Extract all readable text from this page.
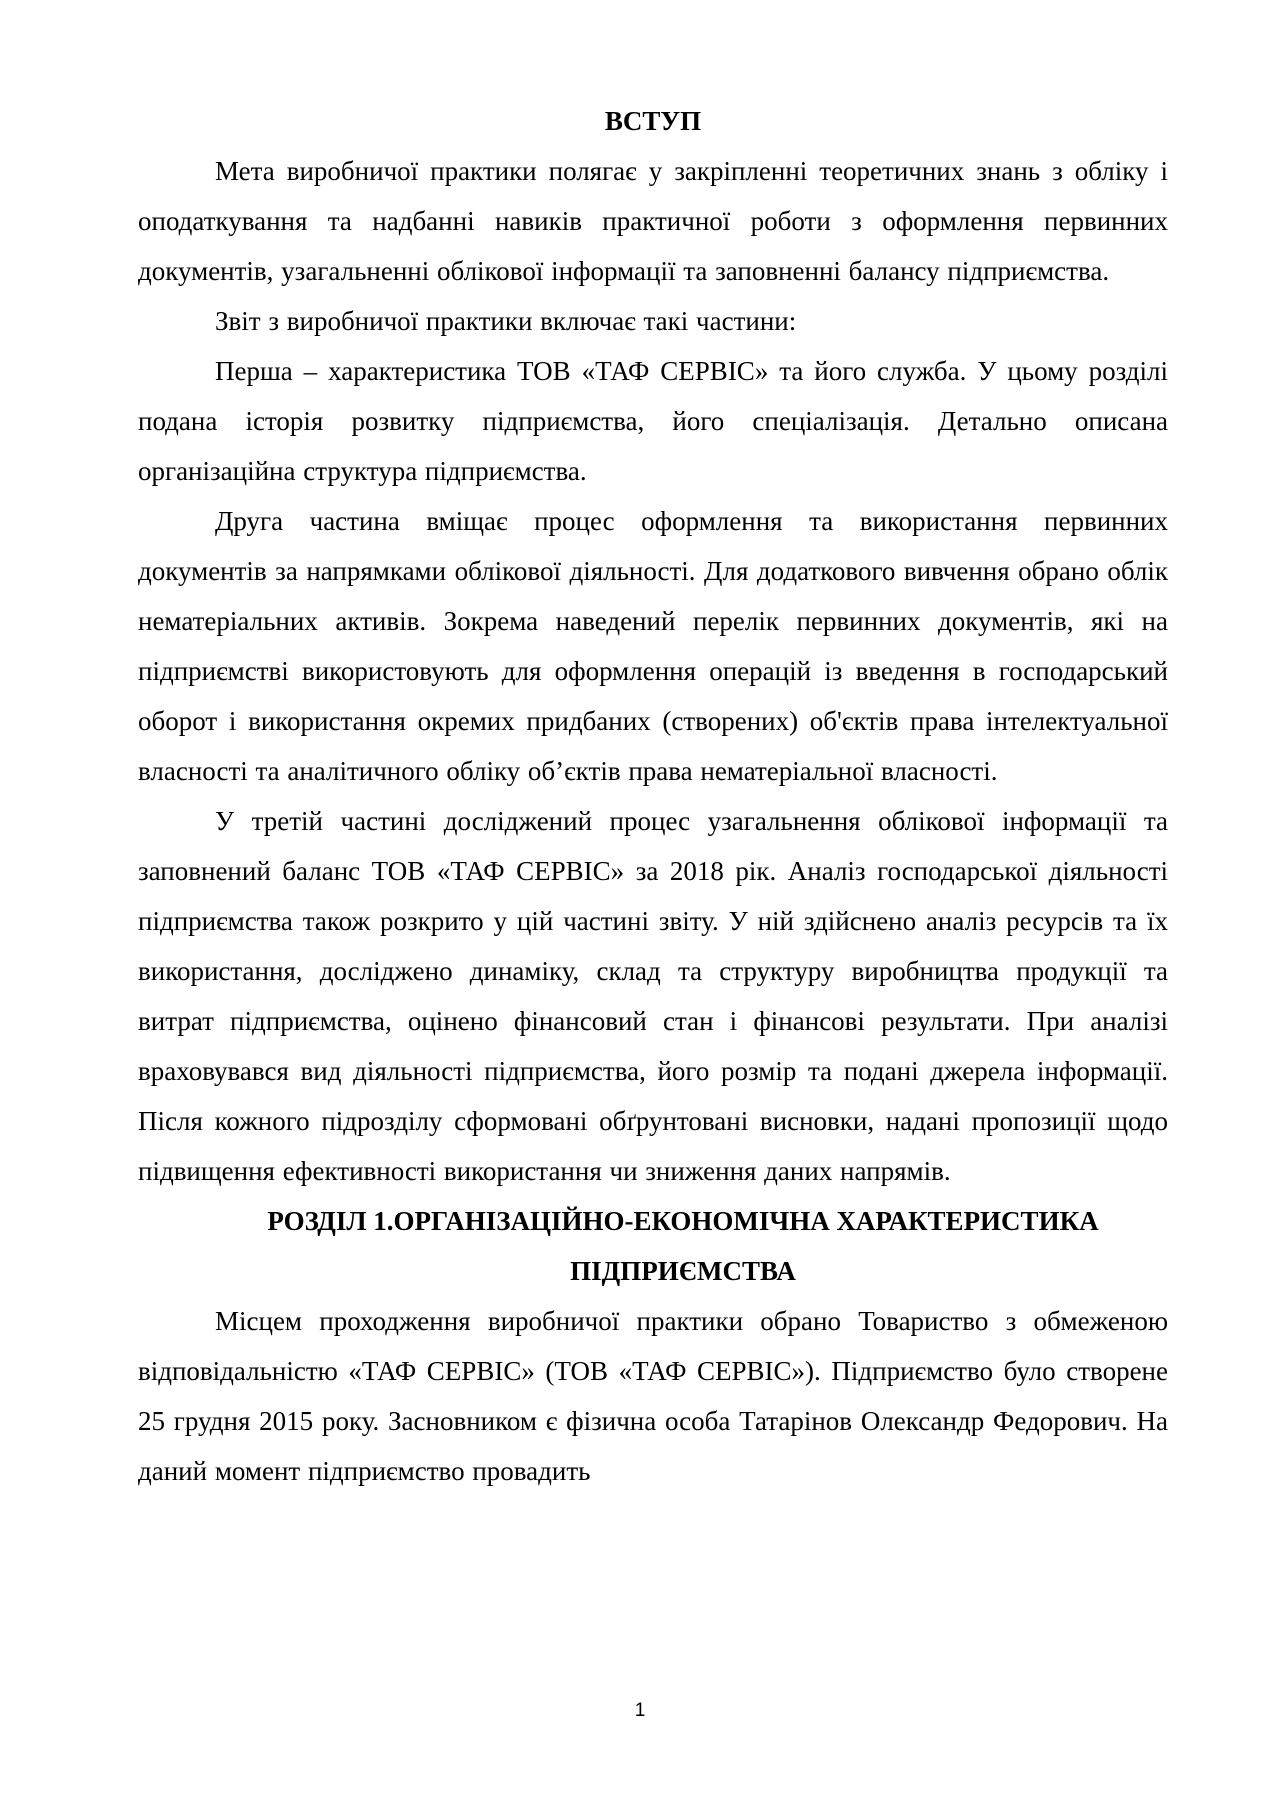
ВСТУП

Мета виробничої практики полягає у закріпленні теоретичних знань з обліку і оподаткування та надбанні навиків практичної роботи з оформлення первинних документів, узагальненні облікової інформації та заповненні балансу підприємства.

Звіт з виробничої практики включає такі частини:

Перша – характеристика ТОВ «ТАФ СЕРВІС» та його служба. У цьому розділі подана історія розвитку підприємства, його спеціалізація. Детально описана організаційна структура підприємства.

Друга частина вміщає процес оформлення та використання первинних документів за напрямками облікової діяльності. Для додаткового вивчення обрано облік нематеріальних активів. Зокрема наведений перелік первинних документів, які на підприємстві використовують для оформлення операцій із введення в господарський оборот і використання окремих придбаних (створених) об'єктів права інтелектуальної власності та аналітичного обліку об’єктів права нематеріальної власності.

У третій частині досліджений процес узагальнення облікової інформації та заповнений баланс ТОВ «ТАФ СЕРВІС» за 2018 рік. Аналіз господарської діяльності підприємства також розкрито у цій частині звіту. У ній здійснено аналіз ресурсів та їх використання, досліджено динаміку, склад та структуру виробництва продукції та витрат підприємства, оцінено фінансовий стан і фінансові результати. При аналізі враховувався вид діяльності підприємства, його розмір та подані джерела інформації. Після кожного підрозділу сформовані обґрунтовані висновки, надані пропозиції щодо підвищення ефективності використання чи зниження даних напрямів.

РОЗДІЛ 1.ОРГАНІЗАЦІЙНО-ЕКОНОМІЧНА ХАРАКТЕРИСТИКА
ПІДПРИЄМСТВА

Місцем проходження виробничої практики обрано Товариство з обмеженою відповідальністю «ТАФ СЕРВІС» (ТОВ «ТАФ СЕРВІС»). Підприємство було створене 25 грудня 2015 року. Засновником є фізична особа Татарінов Олександр Федорович. На даний момент підприємство провадить

1
